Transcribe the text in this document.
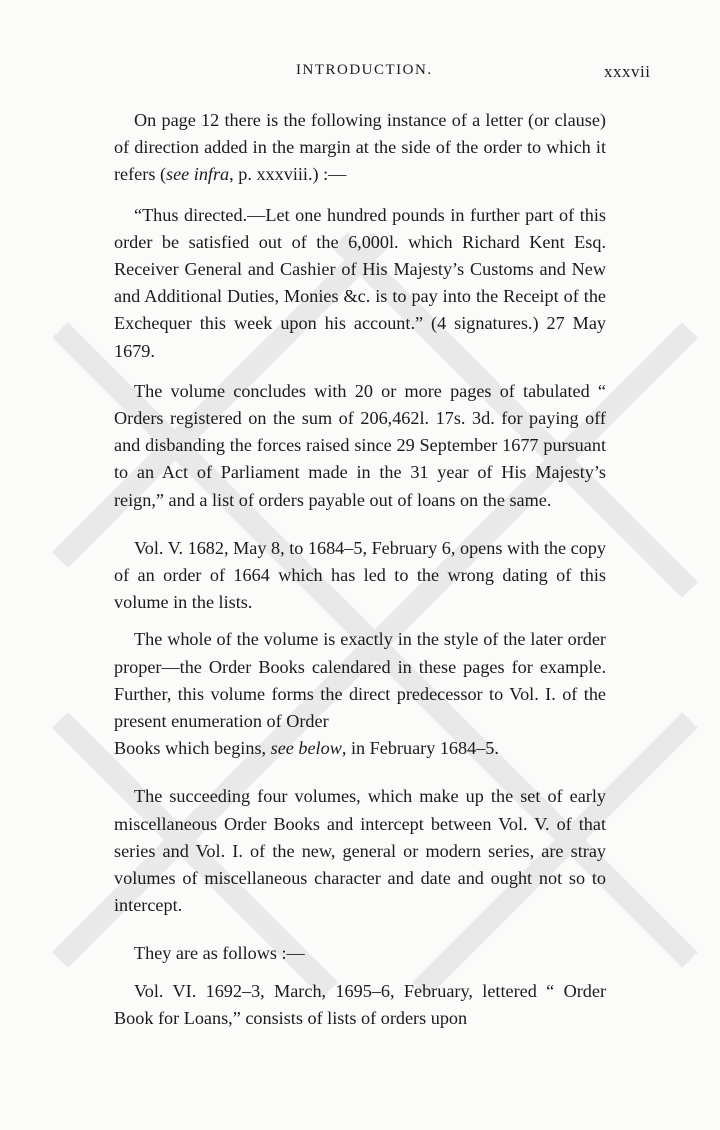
INTRODUCTION.	xxxvii

On page 12 there is the following instance of a letter (or clause) of direction added in the margin at the side of the order to which it refers (see infra, p. xxxviii.) :—

“Thus directed.—Let one hundred pounds in further part of this order be satisfied out of the 6,000l. which Richard Kent Esq. Receiver General and Cashier of His Majesty’s Customs and New and Additional Duties, Monies &c. is to pay into the Receipt of the Exchequer this week upon his account.” (4 signatures.) 27 May 1679.

The volume concludes with 20 or more pages of tabulated “ Orders registered on the sum of 206,462l. 17s. 3d. for paying off and disbanding the forces raised since 29 September 1677 pursuant to an Act of Parliament made in the 31 year of His Majesty’s reign,” and a list of orders payable out of loans on the same.

Vol. V. 1682, May 8, to 1684–5, February 6, opens with the copy of an order of 1664 which has led to the wrong dating of this volume in the lists.

The whole of the volume is exactly in the style of the later order proper—the Order Books calendared in these pages for example. Further, this volume forms the direct predecessor to Vol. I. of the present enumeration of Order

Books which begins, see below, in February 1684–5.

The succeeding four volumes, which make up the set of early miscellaneous Order Books and intercept between Vol. V. of that series and Vol. I. of the new, general or modern series, are stray volumes of miscellaneous character and date and ought not so to intercept.

They are as follows :—

Vol. VI. 1692–3, March, 1695–6, February, lettered “ Order Book for Loans,” consists of lists of orders upon
